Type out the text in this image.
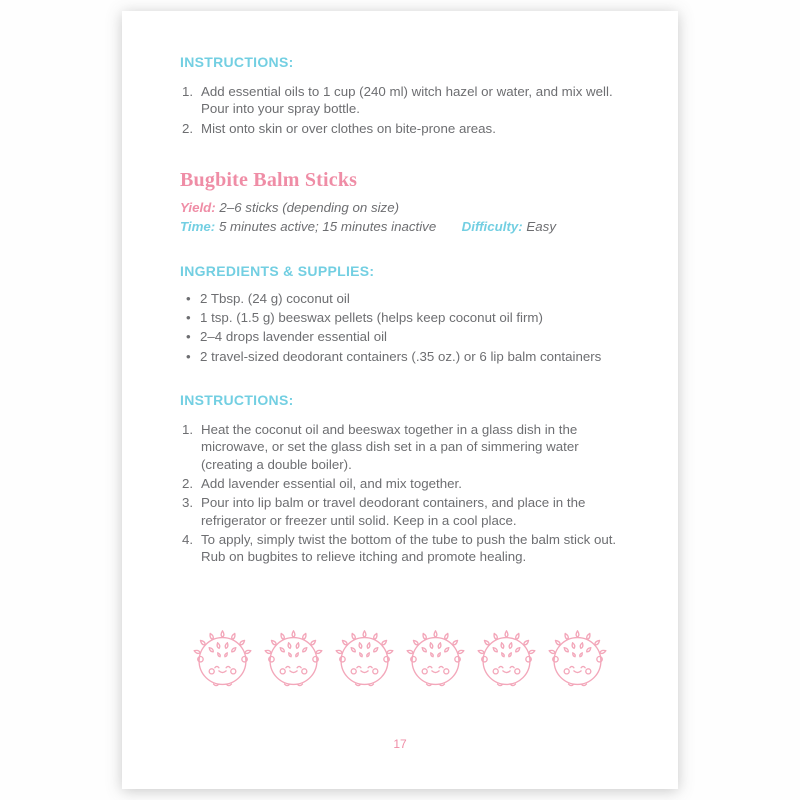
INSTRUCTIONS:

1. Add essential oils to 1 cup (240 ml) witch hazel or water, and mix well. Pour into your spray bottle.
2. Mist onto skin or over clothes on bite-prone areas.
Bugbite Balm Sticks
Yield: 2–6 sticks (depending on size)
Time: 5 minutes active; 15 minutes inactive Difficulty: Easy

INGREDIENTS & SUPPLIES:

• 2 Tbsp. (24 g) coconut oil
• 1 tsp. (1.5 g) beeswax pellets (helps keep coconut oil firm)
• 2–4 drops lavender essential oil
• 2 travel-sized deodorant containers (.35 oz.) or 6 lip balm containers

INSTRUCTIONS:

1. Heat the coconut oil and beeswax together in a glass dish in the microwave, or set the glass dish set in a pan of simmering water (creating a double boiler).
2. Add lavender essential oil, and mix together.
3. Pour into lip balm or travel deodorant containers, and place in the refrigerator or freezer until solid. Keep in a cool place.
4. To apply, simply twist the bottom of the tube to push the balm stick out. Rub on bugbites to relieve itching and promote healing.
17
